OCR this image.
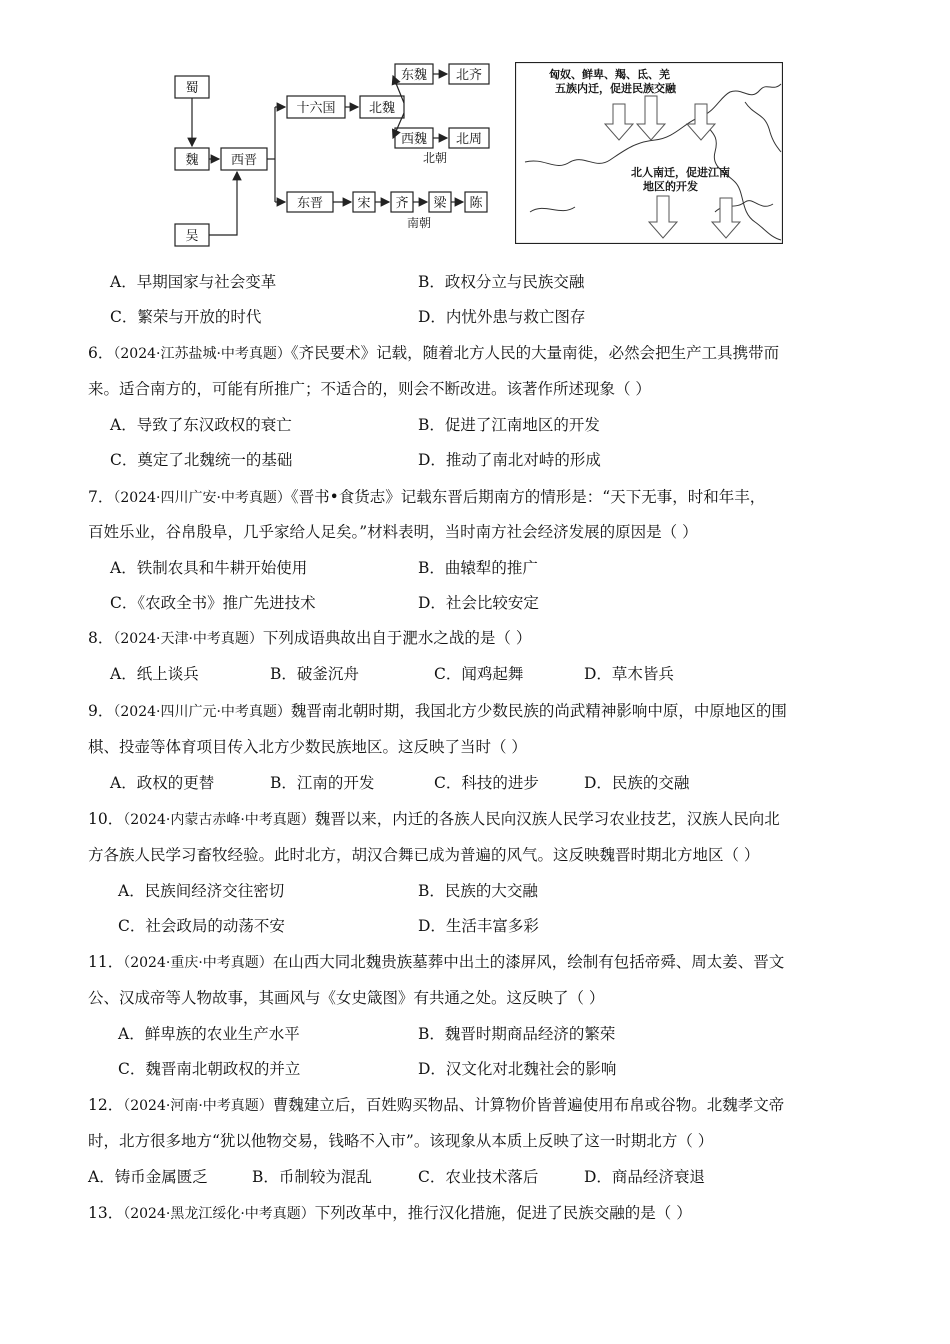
蜀
魏
吴
西晋
十六国	北魏
东魏 北齐
西魏 北周
北朝
东晋	宋 齐 梁 陈
南朝
匈奴、鲜卑、羯、氐、羌
五族内迁，促进民族交融
北人南迁，促进江南
地区的开发
A．早期国家与社会变革	B．政权分立与民族交融
C．繁荣与开放的时代	D．内忧外患与救亡图存
6．（2024·江苏盐城·中考真题）《齐民要术》记载，随着北方人民的大量南徙，必然会把生产工具携带而
来。适合南方的，可能有所推广；不适合的，则会不断改进。该著作所述现象（ ）
A．导致了东汉政权的衰亡	B．促进了江南地区的开发
C．奠定了北魏统一的基础	D．推动了南北对峙的形成
7．（2024·四川广安·中考真题）《晋书•食货志》记载东晋后期南方的情形是：“天下无事，时和年丰，
百姓乐业，谷帛殷阜，几乎家给人足矣。”材料表明，当时南方社会经济发展的原因是（ ）
A．铁制农具和牛耕开始使用	B．曲辕犁的推广
C．《农政全书》推广先进技术	D．社会比较安定
8．（2024·天津·中考真题）下列成语典故出自于淝水之战的是（ ）
A．纸上谈兵	B．破釜沉舟	C．闻鸡起舞	D．草木皆兵
9．（2024·四川广元·中考真题）魏晋南北朝时期，我国北方少数民族的尚武精神影响中原，中原地区的围
棋、投壶等体育项目传入北方少数民族地区。这反映了当时（ ）
A．政权的更替	B．江南的开发	C．科技的进步	D．民族的交融
10．（2024·内蒙古赤峰·中考真题）魏晋以来，内迁的各族人民向汉族人民学习农业技艺，汉族人民向北
方各族人民学习畜牧经验。此时北方，胡汉合舞已成为普遍的风气。这反映魏晋时期北方地区（ ）
A．民族间经济交往密切	B．民族的大交融
C．社会政局的动荡不安	D．生活丰富多彩
11．（2024·重庆·中考真题）在山西大同北魏贵族墓葬中出土的漆屏风，绘制有包括帝舜、周太姜、晋文
公、汉成帝等人物故事，其画风与《女史箴图》有共通之处。这反映了（ ）
A．鲜卑族的农业生产水平	B．魏晋时期商品经济的繁荣
C．魏晋南北朝政权的并立	D．汉文化对北魏社会的影响
12．（2024·河南·中考真题）曹魏建立后，百姓购买物品、计算物价皆普遍使用布帛或谷物。北魏孝文帝
时，北方很多地方“犹以他物交易，钱略不入市”。该现象从本质上反映了这一时期北方（ ）
A．铸币金属匮乏	B．币制较为混乱	C．农业技术落后	D．商品经济衰退
13．（2024·黑龙江绥化·中考真题）下列改革中，推行汉化措施，促进了民族交融的是（ ）
